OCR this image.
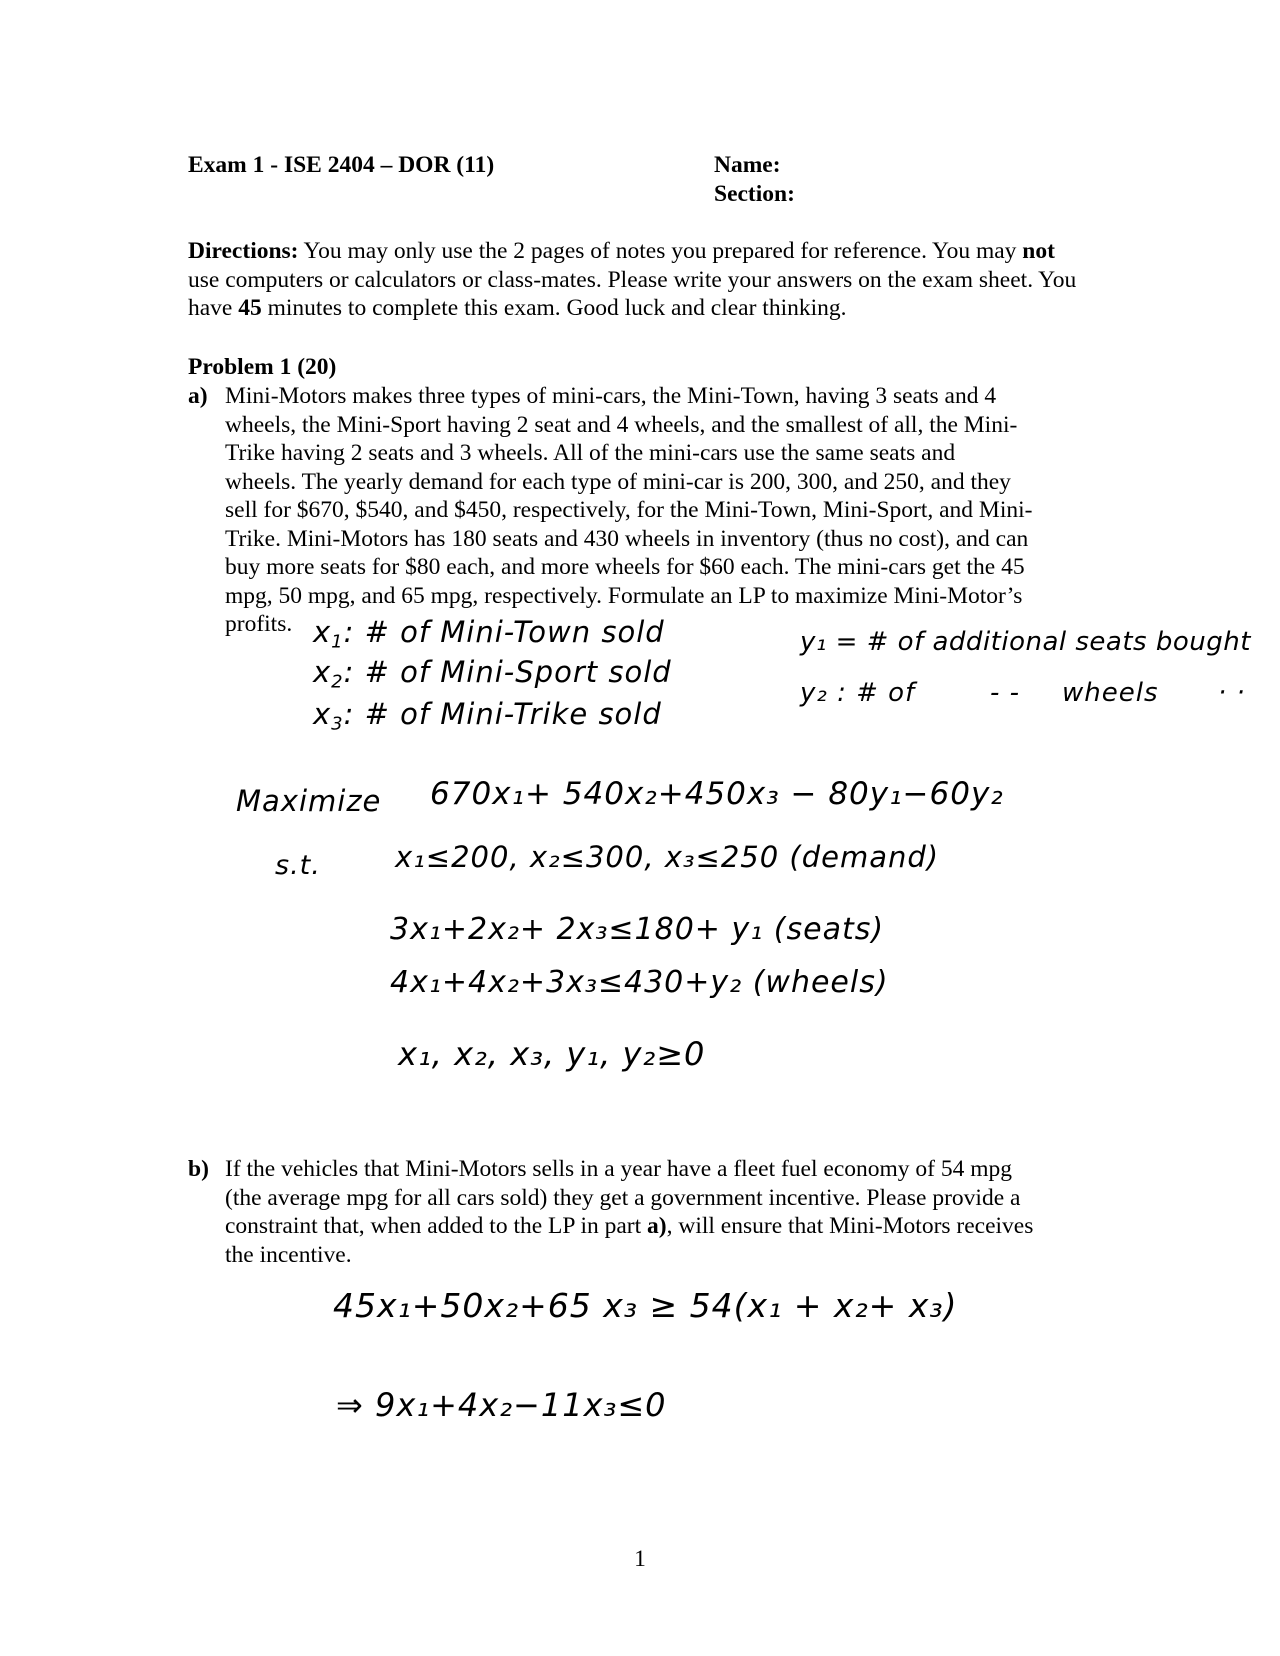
Exam 1 - ISE 2404 – DOR (11)	Name:
Section:
Directions: You may only use the 2 pages of notes you prepared for reference. You may not use computers or calculators or class-mates. Please write your answers on the exam sheet. You have 45 minutes to complete this exam. Good luck and clear thinking.
Problem 1 (20)
a) Mini-Motors makes three types of mini-cars, the Mini-Town, having 3 seats and 4
wheels, the Mini-Sport having 2 seat and 4 wheels, and the smallest of all, the Mini-
Trike having 2 seats and 3 wheels. All of the mini-cars use the same seats and
wheels. The yearly demand for each type of mini-car is 200, 300, and 250, and they
sell for $670, $540, and $450, respectively, for the Mini-Town, Mini-Sport, and Mini-
Trike. Mini-Motors has 180 seats and 430 wheels in inventory (thus no cost), and can
buy more seats for $80 each, and more wheels for $60 each. The mini-cars get the 45
mpg, 50 mpg, and 65 mpg, respectively. Formulate an LP to maximize Mini-Motor’s
profits. $x_1$: # of Mini-Town sold
$x_2$: # of Mini-Sport sold
$x_3$: # of Mini-Trike sold
y₁ = # of additional seats bought
y₂ : # of	- - wheels · ·
Maximize 670x₁+ 540x₂+450x₃ − 80y₁−60y₂
s.t.	x₁≤200, x₂≤300, x₃≤250 (demand)
3x₁+2x₂+ 2x₃≤180+ y₁ (seats)
4x₁+4x₂+3x₃≤430+y₂ (wheels)
x₁, x₂, x₃, y₁, y₂≥0
b) If the vehicles that Mini-Motors sells in a year have a fleet fuel economy of 54 mpg
(the average mpg for all cars sold) they get a government incentive. Please provide a
constraint that, when added to the LP in part a), will ensure that Mini-Motors receives
the incentive.
45x₁+50x₂+65 x₃ ≥ 54(x₁ + x₂+ x₃)
⇒ 9x₁+4x₂−11x₃≤0
1
